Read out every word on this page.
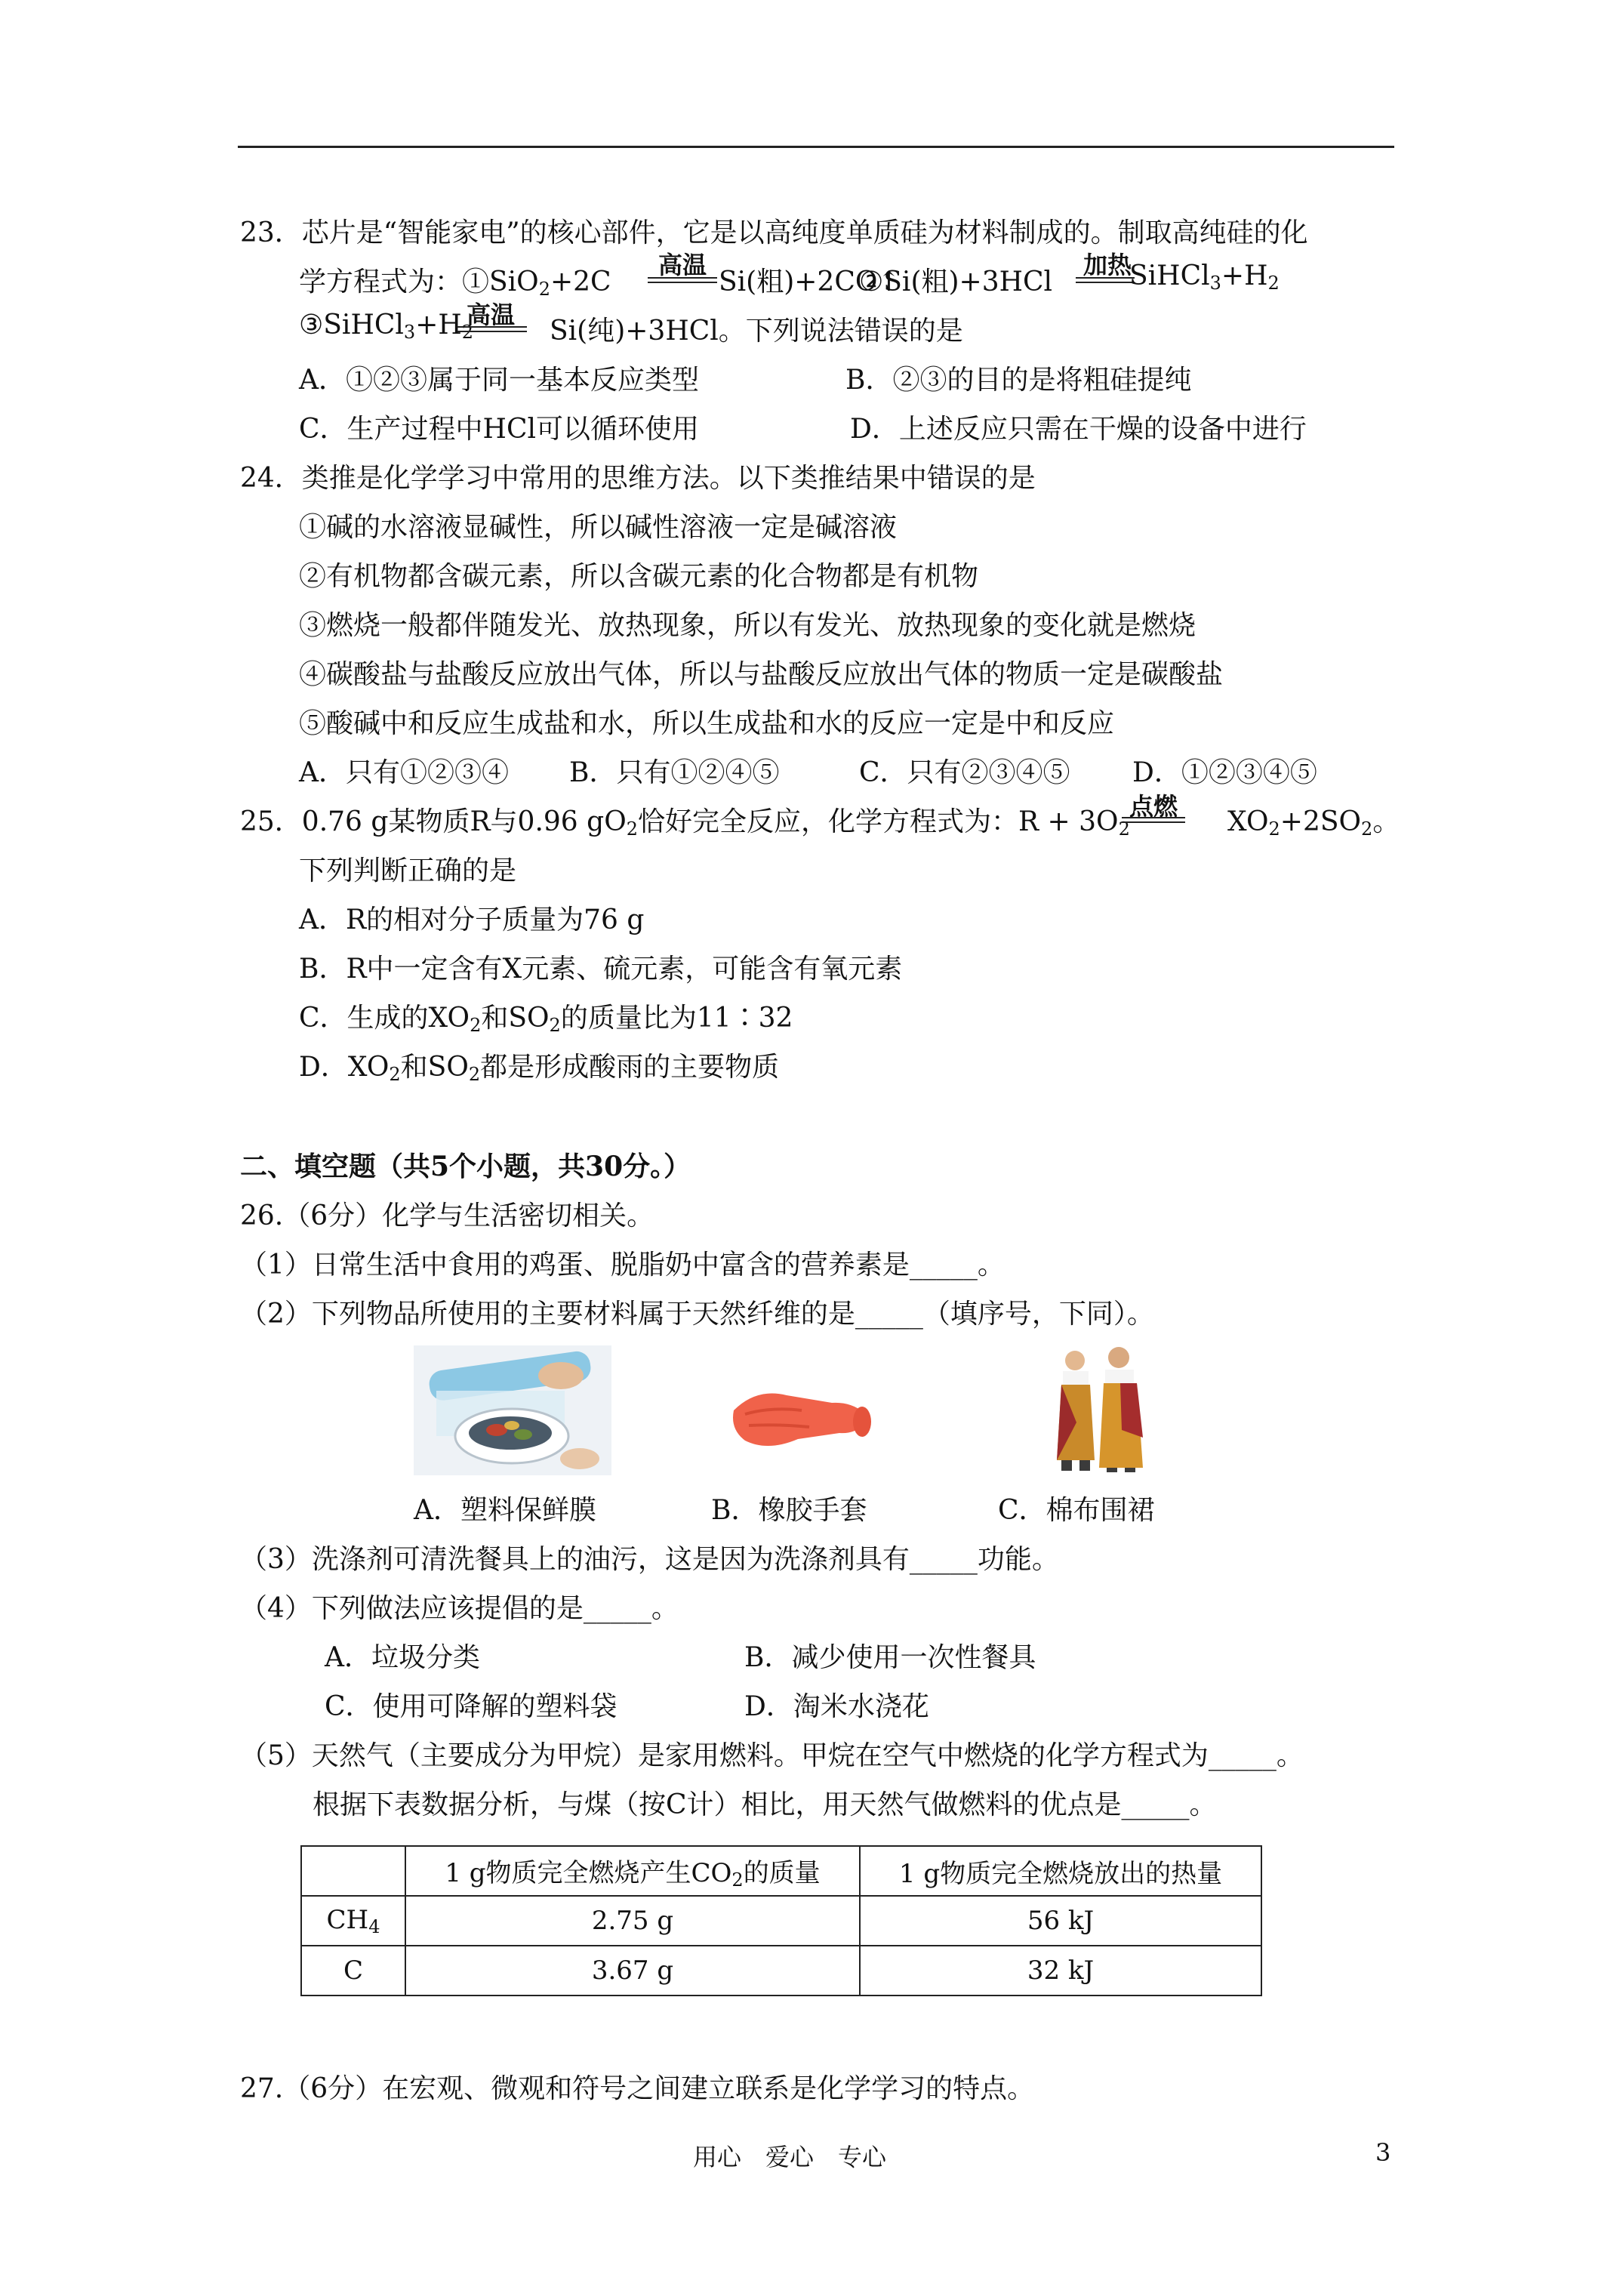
23．芯片是“智能家电”的核心部件，它是以高纯度单质硅为材料制成的。制取高纯硅的化
学方程式为：①SiO$_2$+2C
高温
Si(粗)+2CO↑
②Si(粗)+3HCl
加热
$SiHCl_3+H_2$
$③SiHCl_3+H_2$
高温
Si(纯)+3HCl。下列说法错误的是
A．①②③属于同一基本反应类型	B．②③的目的是将粗硅提纯
C．生产过程中HCl可以循环使用	D．上述反应只需在干燥的设备中进行
24．类推是化学学习中常用的思维方法。以下类推结果中错误的是
①碱的水溶液显碱性，所以碱性溶液一定是碱溶液
②有机物都含碳元素，所以含碳元素的化合物都是有机物
③燃烧一般都伴随发光、放热现象，所以有发光、放热现象的变化就是燃烧
④碳酸盐与盐酸反应放出气体，所以与盐酸反应放出气体的物质一定是碳酸盐
⑤酸碱中和反应生成盐和水，所以生成盐和水的反应一定是中和反应
A．只有①②③④ B．只有①②④⑤	C．只有②③④⑤ D．①②③④⑤
25．0.76 g某物质R与0.96 $gO_2$恰好完全反应，化学方程式为：$R + 3O_2$
点燃 $XO_2+2SO_2$。
下列判断正确的是
A．R的相对分子质量为76 g
B．R中一定含有X元素、硫元素，可能含有氧元素
C．生成的$XO_2$和$SO_2$的质量比为11∶32
D．$XO_2$和$SO_2$都是形成酸雨的主要物质
二、填空题（共5个小题，共30分。）
26.（6分）化学与生活密切相关。
（1）日常生活中食用的鸡蛋、脱脂奶中富含的营养素是_____。
（2）下列物品所使用的主要材料属于天然纤维的是_____（填序号，下同）。
A．塑料保鲜膜	B．橡胶手套	C．棉布围裙
（3）洗涤剂可清洗餐具上的油污，这是因为洗涤剂具有_____功能。
（4）下列做法应该提倡的是_____。
A．垃圾分类	B．减少使用一次性餐具
C．使用可降解的塑料袋	D．淘米水浇花
（5）天然气（主要成分为甲烷）是家用燃料。甲烷在空气中燃烧的化学方程式为_____。
根据下表数据分析，与煤（按C计）相比，用天然气做燃料的优点是_____。
	1 g物质完全燃烧产生$CO_2$的质量	1 g物质完全燃烧放出的热量
$CH_4$	2.75 g	56 kJ
C	3.67 g	32 kJ
27.（6分）在宏观、微观和符号之间建立联系是化学学习的特点。
用心　爱心　专心	3
